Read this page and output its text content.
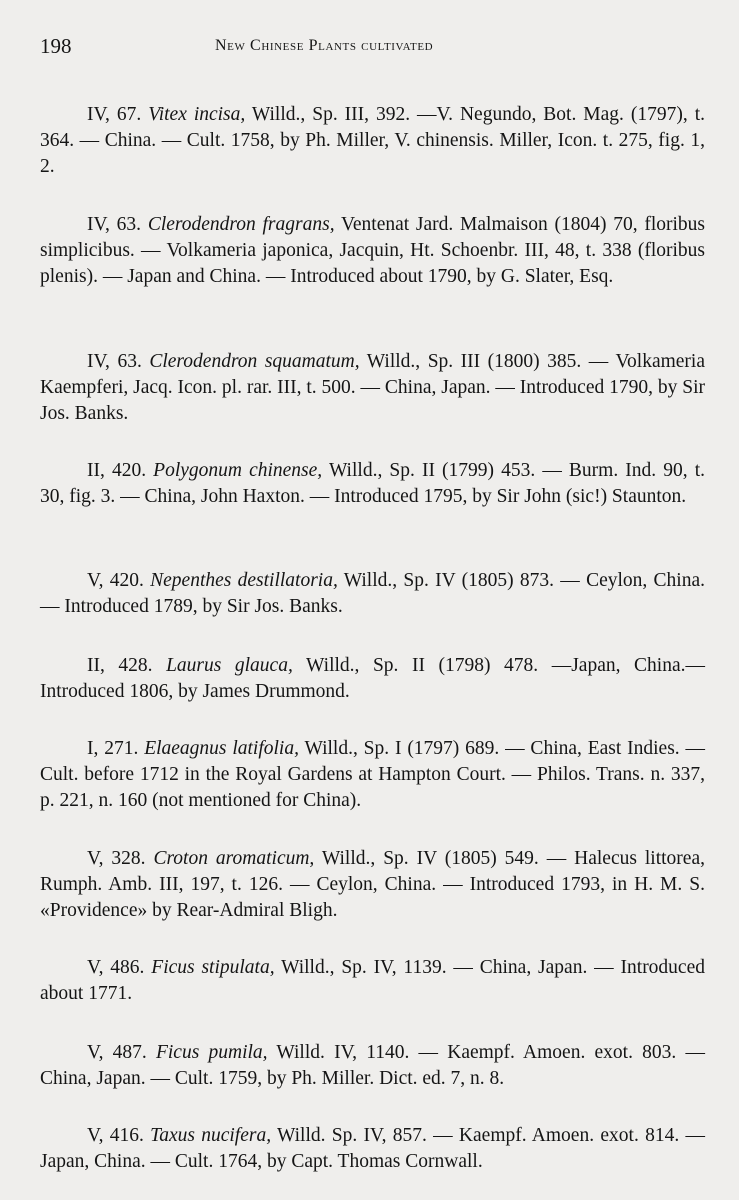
198	New Chinese Plants cultivated

IV, 67. Vitex incisa, Willd., Sp. III, 392. —V. Negundo, Bot. Mag. (1797), t. 364. — China. — Cult. 1758, by Ph. Miller, V. chinensis. Miller, Icon. t. 275, fig. 1, 2.

IV, 63. Clerodendron fragrans, Ventenat Jard. Malmaison (1804) 70, floribus simplicibus. — Volkameria japonica, Jacquin, Ht. Schoenbr. III, 48, t. 338 (floribus plenis). — Japan and China. — Introduced about 1790, by G. Slater, Esq.

IV, 63. Clerodendron squamatum, Willd., Sp. III (1800) 385. — Volkameria Kaempferi, Jacq. Icon. pl. rar. III, t. 500. — China, Japan. — Introduced 1790, by Sir Jos. Banks.

II, 420. Polygonum chinense, Willd., Sp. II (1799) 453. — Burm. Ind. 90, t. 30, fig. 3. — China, John Haxton. — Introduced 1795, by Sir John (sic!) Staunton.

V, 420. Nepenthes destillatoria, Willd., Sp. IV (1805) 873. — Ceylon, China. — Introduced 1789, by Sir Jos. Banks.

II, 428. Laurus glauca, Willd., Sp. II (1798) 478. —Japan, China.— Introduced 1806, by James Drummond.

I, 271. Elaeagnus latifolia, Willd., Sp. I (1797) 689. — China, East Indies. — Cult. before 1712 in the Royal Gardens at Hampton Court. — Philos. Trans. n. 337, p. 221, n. 160 (not mentioned for China).

V, 328. Croton aromaticum, Willd., Sp. IV (1805) 549. — Halecus littorea, Rumph. Amb. III, 197, t. 126. — Ceylon, China. — Introduced 1793, in H. M. S. «Providence» by Rear-Admiral Bligh.

V, 486. Ficus stipulata, Willd., Sp. IV, 1139. — China, Japan. — Introduced about 1771.

V, 487. Ficus pumila, Willd. IV, 1140. — Kaempf. Amoen. exot. 803. — China, Japan. — Cult. 1759, by Ph. Miller. Dict. ed. 7, n. 8.

V, 416. Taxus nucifera, Willd. Sp. IV, 857. — Kaempf. Amoen. exot. 814. — Japan, China. — Cult. 1764, by Capt. Thomas Cornwall.
